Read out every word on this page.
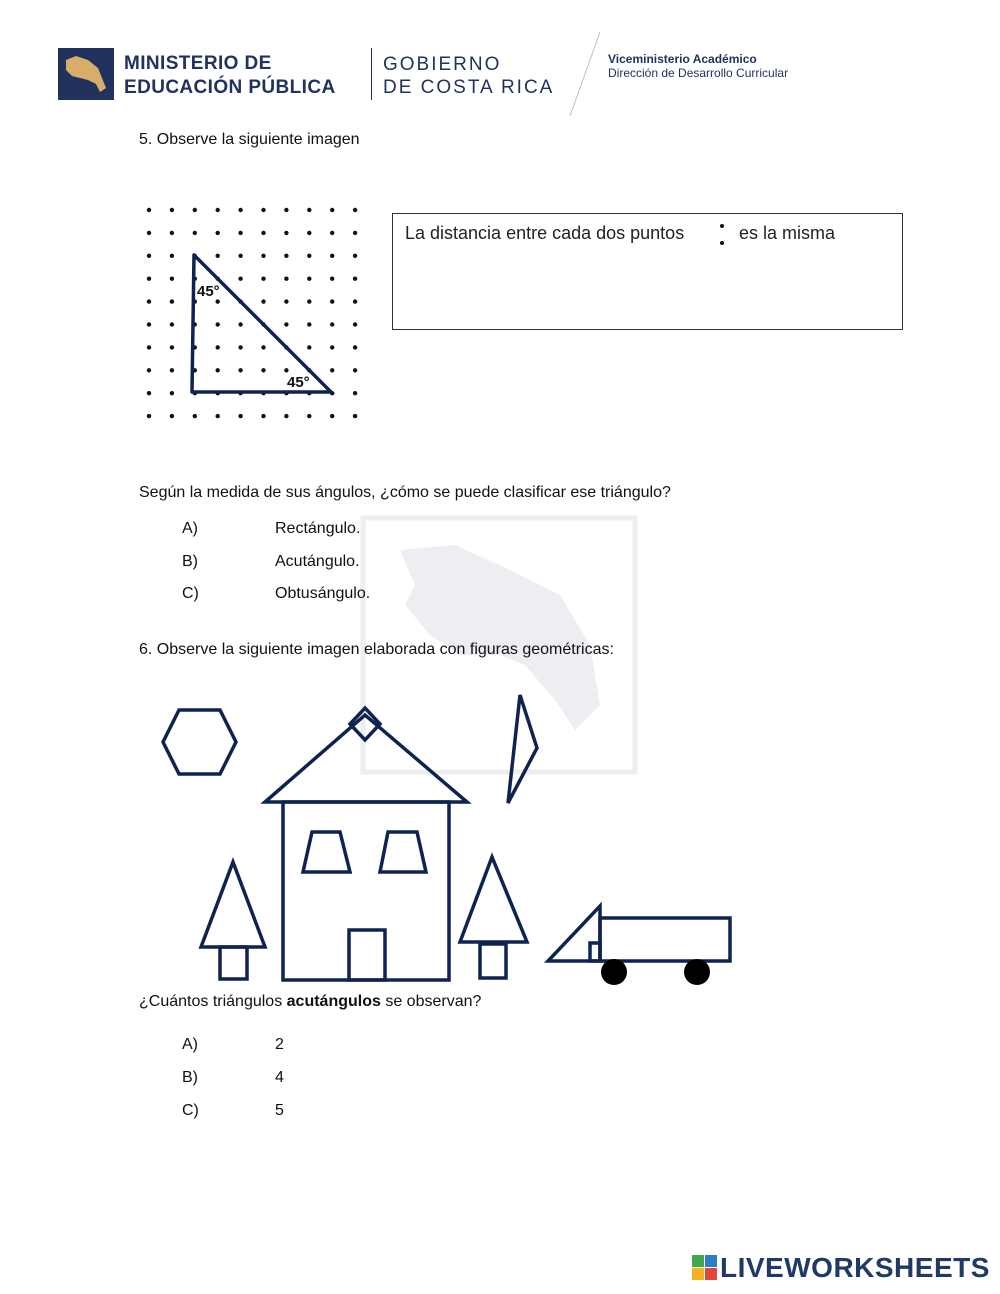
MINISTERIO DE
EDUCACIÓN PÚBLICA
GOBIERNO
DE COSTA RICA
Viceministerio Académico
Dirección de Desarrollo Curricular
5. Observe la siguiente imagen
45°
45°
La distancia entre cada dos puntos	es la misma
Según la medida de sus ángulos, ¿cómo se puede clasificar ese triángulo?
A)	Rectángulo.
B)	Acutángulo.
C)	Obtusángulo.
6. Observe la siguiente imagen elaborada con figuras geométricas:
¿Cuántos triángulos acutángulos se observan?
A)	2
B)	4
C)	5
LIVEWORKSHEETS
